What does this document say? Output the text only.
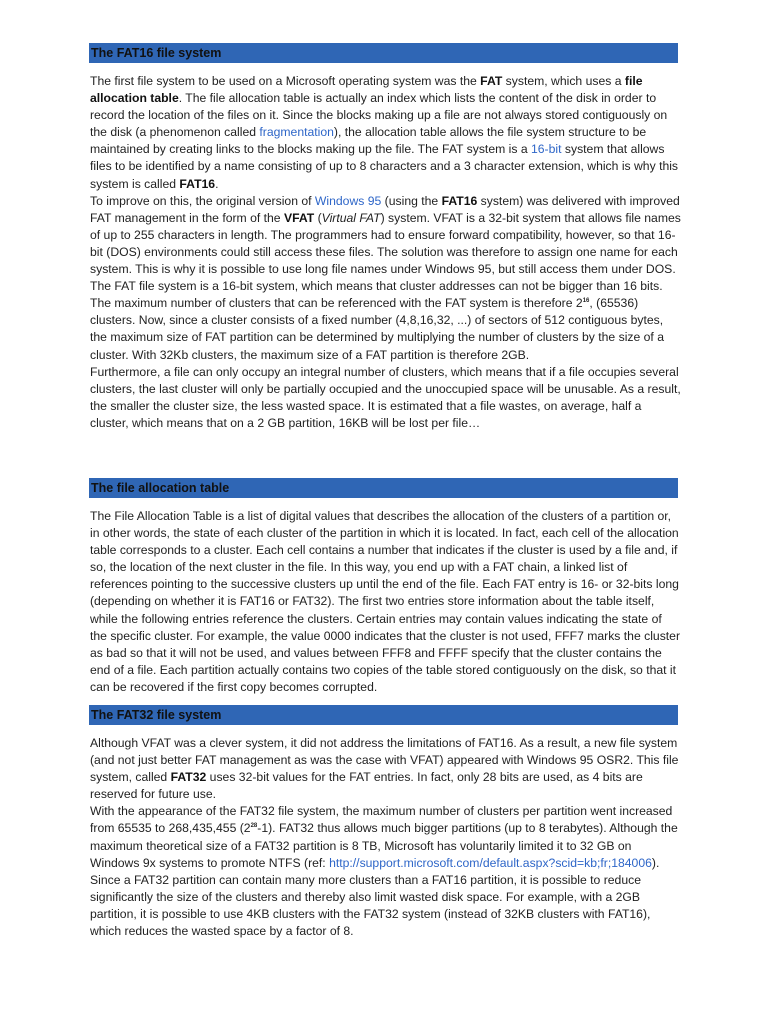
The FAT16 file system

The first file system to be used on a Microsoft operating system was the FAT system, which uses a file allocation table. The file allocation table is actually an index which lists the content of the disk in order to record the location of the files on it. Since the blocks making up a file are not always stored contiguously on the disk (a phenomenon called fragmentation), the allocation table allows the file system structure to be maintained by creating links to the blocks making up the file. The FAT system is a 16-bit system that allows files to be identified by a name consisting of up to 8 characters and a 3 character extension, which is why this system is called FAT16.

To improve on this, the original version of Windows 95 (using the FAT16 system) was delivered with improved FAT management in the form of the VFAT (Virtual FAT) system. VFAT is a 32-bit system that allows file names of up to 255 characters in length. The programmers had to ensure forward compatibility, however, so that 16-bit (DOS) environments could still access these files. The solution was therefore to assign one name for each system. This is why it is possible to use long file names under Windows 95, but still access them under DOS.

The FAT file system is a 16-bit system, which means that cluster addresses can not be bigger than 16 bits. The maximum number of clusters that can be referenced with the FAT system is therefore $2^{16}$, (65536) clusters. Now, since a cluster consists of a fixed number (4,8,16,32, ...) of sectors of 512 contiguous bytes, the maximum size of FAT partition can be determined by multiplying the number of clusters by the size of a cluster. With 32Kb clusters, the maximum size of a FAT partition is therefore 2GB.

Furthermore, a file can only occupy an integral number of clusters, which means that if a file occupies several clusters, the last cluster will only be partially occupied and the unoccupied space will be unusable. As a result, the smaller the cluster size, the less wasted space. It is estimated that a file wastes, on average, half a cluster, which means that on a 2 GB partition, 16KB will be lost per file…

The file allocation table

The File Allocation Table is a list of digital values that describes the allocation of the clusters of a partition or, in other words, the state of each cluster of the partition in which it is located. In fact, each cell of the allocation table corresponds to a cluster. Each cell contains a number that indicates if the cluster is used by a file and, if so, the location of the next cluster in the file. In this way, you end up with a FAT chain, a linked list of references pointing to the successive clusters up until the end of the file. Each FAT entry is 16- or 32-bits long (depending on whether it is FAT16 or FAT32). The first two entries store information about the table itself, while the following entries reference the clusters. Certain entries may contain values indicating the state of the specific cluster. For example, the value 0000 indicates that the cluster is not used, FFF7 marks the cluster as bad so that it will not be used, and values between FFF8 and FFFF specify that the cluster contains the end of a file. Each partition actually contains two copies of the table stored contiguously on the disk, so that it can be recovered if the first copy becomes corrupted.

The FAT32 file system

Although VFAT was a clever system, it did not address the limitations of FAT16. As a result, a new file system (and not just better FAT management as was the case with VFAT) appeared with Windows 95 OSR2. This file system, called FAT32 uses 32-bit values for the FAT entries. In fact, only 28 bits are used, as 4 bits are reserved for future use.

With the appearance of the FAT32 file system, the maximum number of clusters per partition went increased from 65535 to 268,435,455 $(2^{28}-1)$. FAT32 thus allows much bigger partitions (up to 8 terabytes). Although the maximum theoretical size of a FAT32 partition is 8 TB, Microsoft has voluntarily limited it to 32 GB on Windows 9x systems to promote NTFS (ref: http://support.microsoft.com/default.aspx?scid=kb;fr;184006). Since a FAT32 partition can contain many more clusters than a FAT16 partition, it is possible to reduce significantly the size of the clusters and thereby also limit wasted disk space. For example, with a 2GB partition, it is possible to use 4KB clusters with the FAT32 system (instead of 32KB clusters with FAT16), which reduces the wasted space by a factor of 8.
